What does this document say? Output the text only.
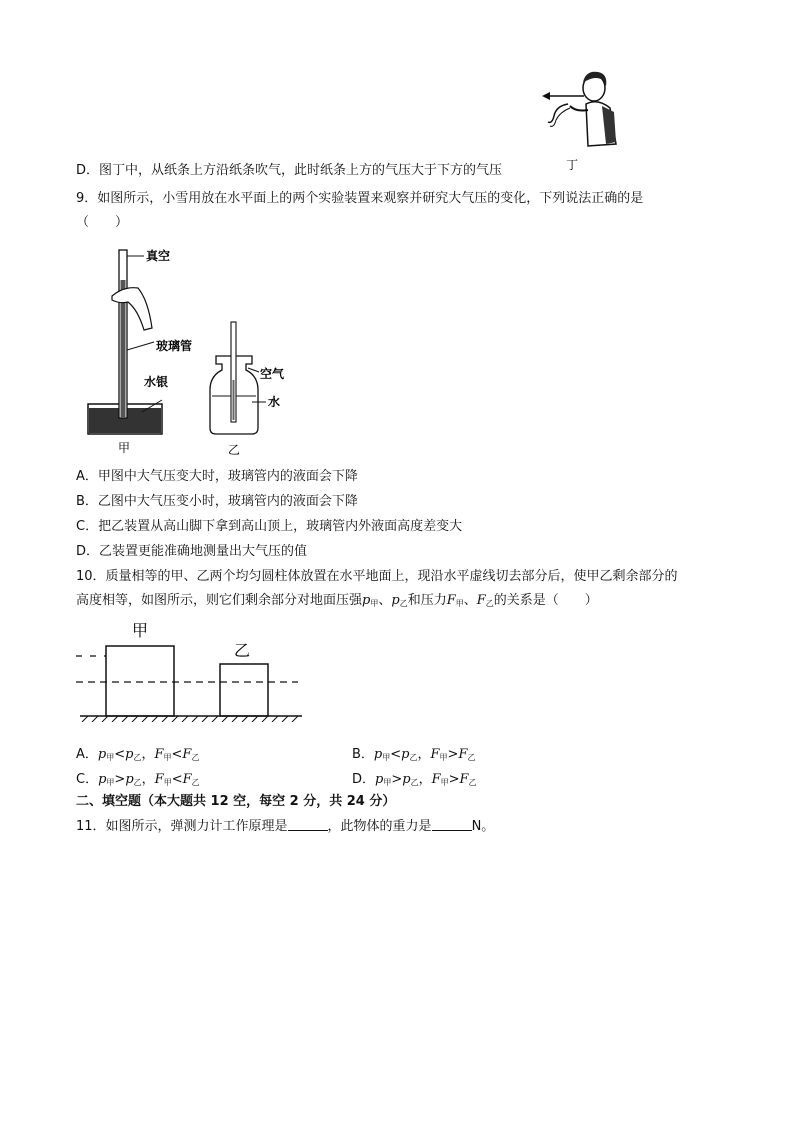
丁
D．图丁中，从纸条上方沿纸条吹气，此时纸条上方的气压大于下方的气压
9．如图所示，小雪用放在水平面上的两个实验装置来观察并研究大气压的变化，下列说法正确的是
（　　）
真空
玻璃管
水银
甲
空气
水
乙
A．甲图中大气压变大时，玻璃管内的液面会下降
B．乙图中大气压变小时，玻璃管内的液面会下降
C．把乙装置从高山脚下拿到高山顶上，玻璃管内外液面高度差变大
D．乙装置更能准确地测量出大气压的值
10．质量相等的甲、乙两个均匀圆柱体放置在水平地面上，现沿水平虚线切去部分后，使甲乙剩余部分的
高度相等，如图所示，则它们剩余部分对地面压强$p_甲$、$p_乙$和压力$F_甲$、$F_乙$的关系是（　　）
甲
乙
A．$p_甲<p_乙$，$F_甲<F_乙$	B．$p_甲<p_乙$，$F_甲>F_乙$
C．$p_甲>p_乙$，$F_甲<F_乙$	D．$p_甲>p_乙$，$F_甲>F_乙$
二、填空题（本大题共 12 空，每空 2 分，共 24 分）
11．如图所示，弹测力计工作原理是	，此物体的重力是	N。
